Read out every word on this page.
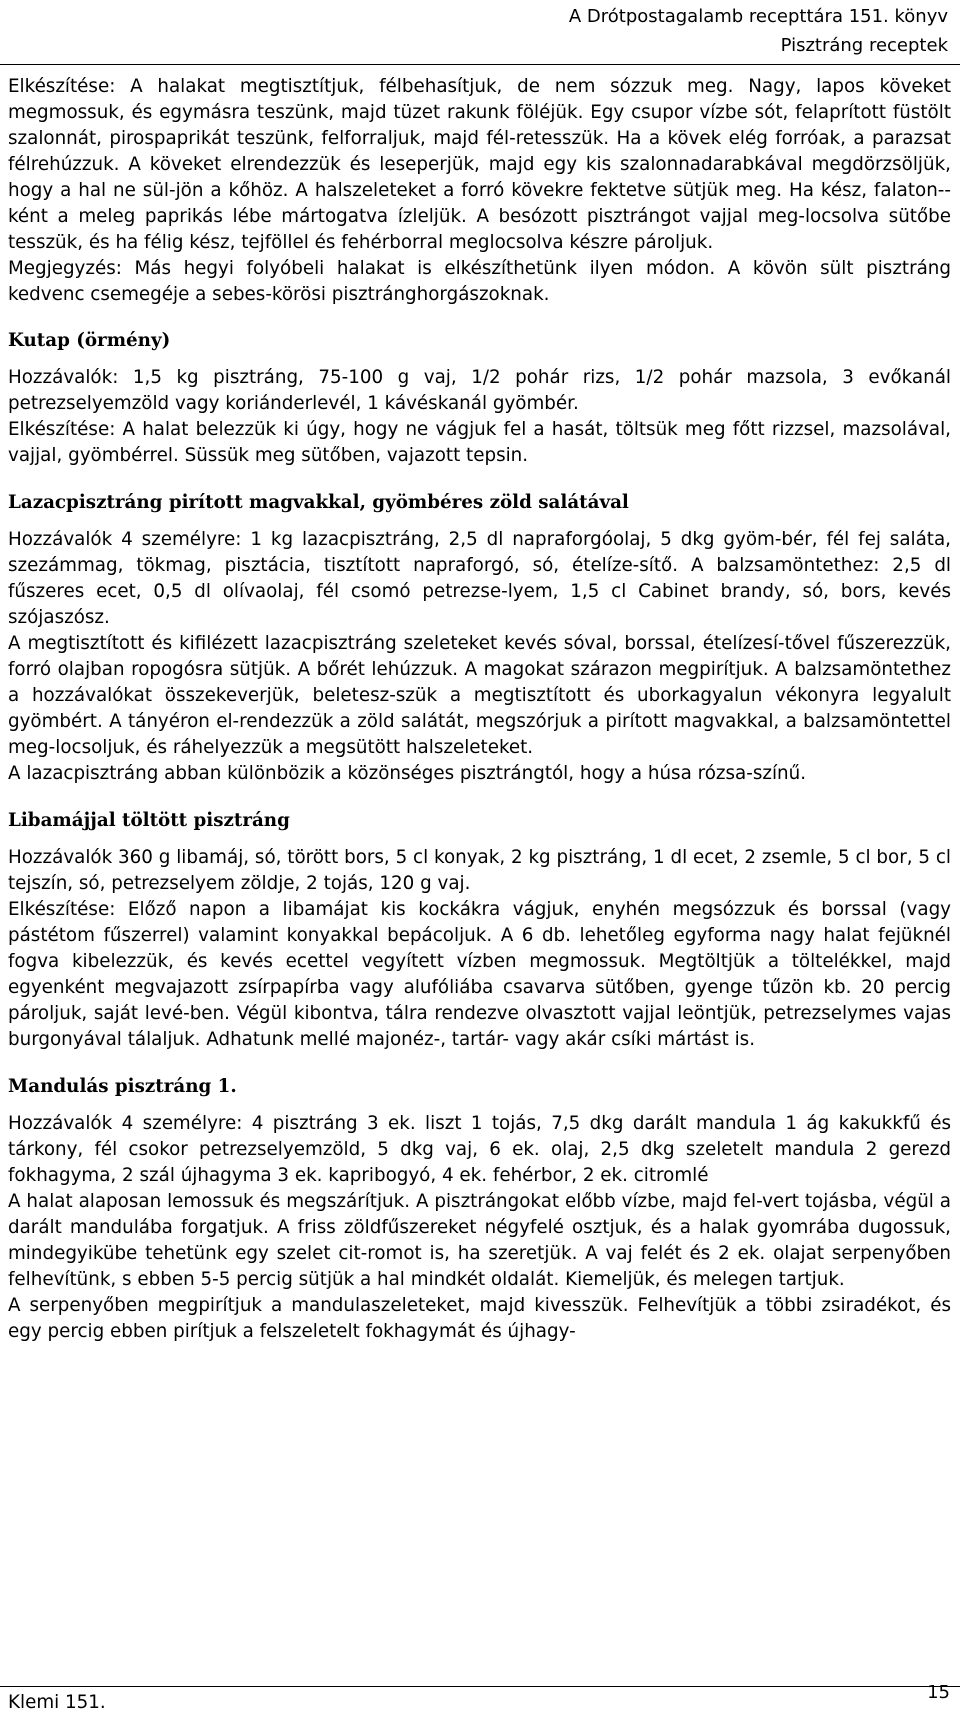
A Drótpostagalamb recepttára 151. könyv
Pisztráng receptek

Elkészítése: A halakat megtisztítjuk, félbehasítjuk, de nem sózzuk meg. Nagy, lapos köveket megmossuk, és egymásra teszünk, majd tüzet rakunk föléjük. Egy csupor vízbe sót, felaprított füstölt szalonnát, pirospaprikát teszünk, felforraljuk, majd fél-retesszük. Ha a kövek elég forróak, a parazsat félrehúzzuk. A köveket elrendezzük és leseperjük, majd egy kis szalonnadarabkával megdörzsöljük, hogy a hal ne sül-jön a kőhöz. A halszeleteket a forró kövekre fektetve sütjük meg. Ha kész, falaton-ként a meleg paprikás lébe mártogatva ízleljük. A besózott pisztrángot vajjal meg-locsolva sütőbe tesszük, és ha félig kész, tejföllel és fehérborral meglocsolva készre pároljuk.

Megjegyzés: Más hegyi folyóbeli halakat is elkészíthetünk ilyen módon. A kövön sült pisztráng kedvenc csemegéje a sebes-körösi pisztránghorgászoknak.

Kutap (örmény)

Hozzávalók: 1,5 kg pisztráng, 75-100 g vaj, 1/2 pohár rizs, 1/2 pohár mazsola, 3 evőkanál petrezselyemzöld vagy koriánderlevél, 1 kávéskanál gyömbér.

Elkészítése: A halat belezzük ki úgy, hogy ne vágjuk fel a hasát, töltsük meg főtt rizzsel, mazsolával, vajjal, gyömbérrel. Süssük meg sütőben, vajazott tepsin.

Lazacpisztráng pirított magvakkal, gyömbéres zöld salátával

Hozzávalók 4 személyre: 1 kg lazacpisztráng, 2,5 dl napraforgóolaj, 5 dkg gyöm-bér, fél fej saláta, szezámmag, tökmag, pisztácia, tisztított napraforgó, só, ételíze-sítő. A balzsamöntethez: 2,5 dl fűszeres ecet, 0,5 dl olívaolaj, fél csomó petrezse-lyem, 1,5 cl Cabinet brandy, só, bors, kevés szójaszósz.

A megtisztított és kifilézett lazacpisztráng szeleteket kevés sóval, borssal, ételízesí-tővel fűszerezzük, forró olajban ropogósra sütjük. A bőrét lehúzzuk. A magokat szárazon megpirítjuk. A balzsamöntethez a hozzávalókat összekeverjük, beletesz-szük a megtisztított és uborkagyalun vékonyra legyalult gyömbért. A tányéron el-rendezzük a zöld salátát, megszórjuk a pirított magvakkal, a balzsamöntettel meg-locsoljuk, és ráhelyezzük a megsütött halszeleteket.

A lazacpisztráng abban különbözik a közönséges pisztrángtól, hogy a húsa rózsa-színű.

Libamájjal töltött pisztráng

Hozzávalók 360 g libamáj, só, törött bors, 5 cl konyak, 2 kg pisztráng, 1 dl ecet, 2 zsemle, 5 cl bor, 5 cl tejszín, só, petrezselyem zöldje, 2 tojás, 120 g vaj.

Elkészítése: Előző napon a libamájat kis kockákra vágjuk, enyhén megsózzuk és borssal (vagy pástétom fűszerrel) valamint konyakkal bepácoljuk. A 6 db. lehetőleg egyforma nagy halat fejüknél fogva kibelezzük, és kevés ecettel vegyített vízben megmossuk. Megtöltjük a töltelékkel, majd egyenként megvajazott zsírpapírba vagy alufóliába csavarva sütőben, gyenge tűzön kb. 20 percig pároljuk, saját levé-ben. Végül kibontva, tálra rendezve olvasztott vajjal leöntjük, petrezselymes vajas burgonyával tálaljuk. Adhatunk mellé majonéz-, tartár- vagy akár csíki mártást is.

Mandulás pisztráng 1.

Hozzávalók 4 személyre: 4 pisztráng 3 ek. liszt 1 tojás, 7,5 dkg darált mandula 1 ág kakukkfű és tárkony, fél csokor petrezselyemzöld, 5 dkg vaj, 6 ek. olaj, 2,5 dkg szeletelt mandula 2 gerezd fokhagyma, 2 szál újhagyma 3 ek. kapribogyó, 4 ek. fehérbor, 2 ek. citromlé

A halat alaposan lemossuk és megszárítjuk. A pisztrángokat előbb vízbe, majd fel-vert tojásba, végül a darált mandulába forgatjuk. A friss zöldfűszereket négyfelé osztjuk, és a halak gyomrába dugossuk, mindegyikübe tehetünk egy szelet cit-romot is, ha szeretjük. A vaj felét és 2 ek. olajat serpenyőben felhevítünk, s ebben 5-5 percig sütjük a hal mindkét oldalát. Kiemeljük, és melegen tartjuk.

A serpenyőben megpirítjuk a mandulaszeleteket, majd kivesszük. Felhevítjük a többi zsiradékot, és egy percig ebben pirítjuk a felszeletelt fokhagymát és újhagy-

Klemi 151.	15
